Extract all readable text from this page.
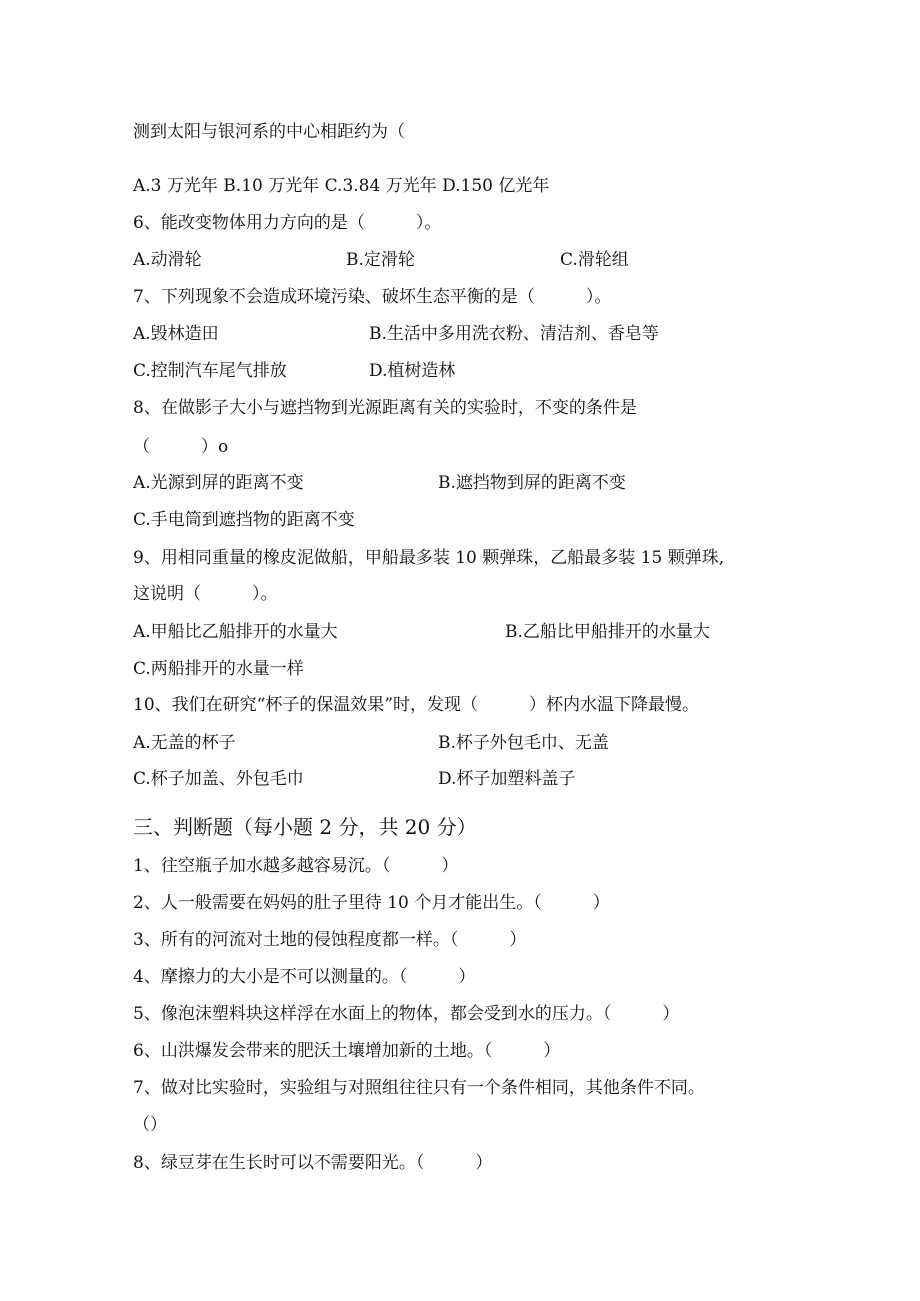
测到太阳与银河系的中心相距约为（
A.3 万光年 B.10 万光年 C.3.84 万光年 D.150 亿光年
6、能改变物体用力方向的是（　　　）。
A.动滑轮	B.定滑轮	C.滑轮组
7、下列现象不会造成环境污染、破坏生态平衡的是（　　　）。
A.毁林造田	B.生活中多用洗衣粉、清洁剂、香皂等
C.控制汽车尾气排放	D.植树造林
8、在做影子大小与遮挡物到光源距离有关的实验时，不变的条件是
（　　　）o
A.光源到屏的距离不变	B.遮挡物到屏的距离不变
C.手电筒到遮挡物的距离不变
9、用相同重量的橡皮泥做船，甲船最多装 10 颗弹珠，乙船最多装 15 颗弹珠,
这说明（　　　）。
A.甲船比乙船排开的水量大	B.乙船比甲船排开的水量大
C.两船排开的水量一样
10、我们在研究“杯子的保温效果”时，发现（　　　）杯内水温下降最慢。
A.无盖的杯子	B.杯子外包毛巾、无盖
C.杯子加盖、外包毛巾	D.杯子加塑料盖子
三、判断题（每小题 2 分，共 20 分）
1、往空瓶子加水越多越容易沉。（　　　）
2、人一般需要在妈妈的肚子里待 10 个月才能出生。（　　　）
3、所有的河流对土地的侵蚀程度都一样。（　　　）
4、摩擦力的大小是不可以测量的。（　　　）
5、像泡沫塑料块这样浮在水面上的物体，都会受到水的压力。（　　　）
6、山洪爆发会带来的肥沃土壤增加新的土地。（　　　）
7、做对比实验时，实验组与对照组往往只有一个条件相同，其他条件不同。
（）
8、绿豆芽在生长时可以不需要阳光。（　　　）
